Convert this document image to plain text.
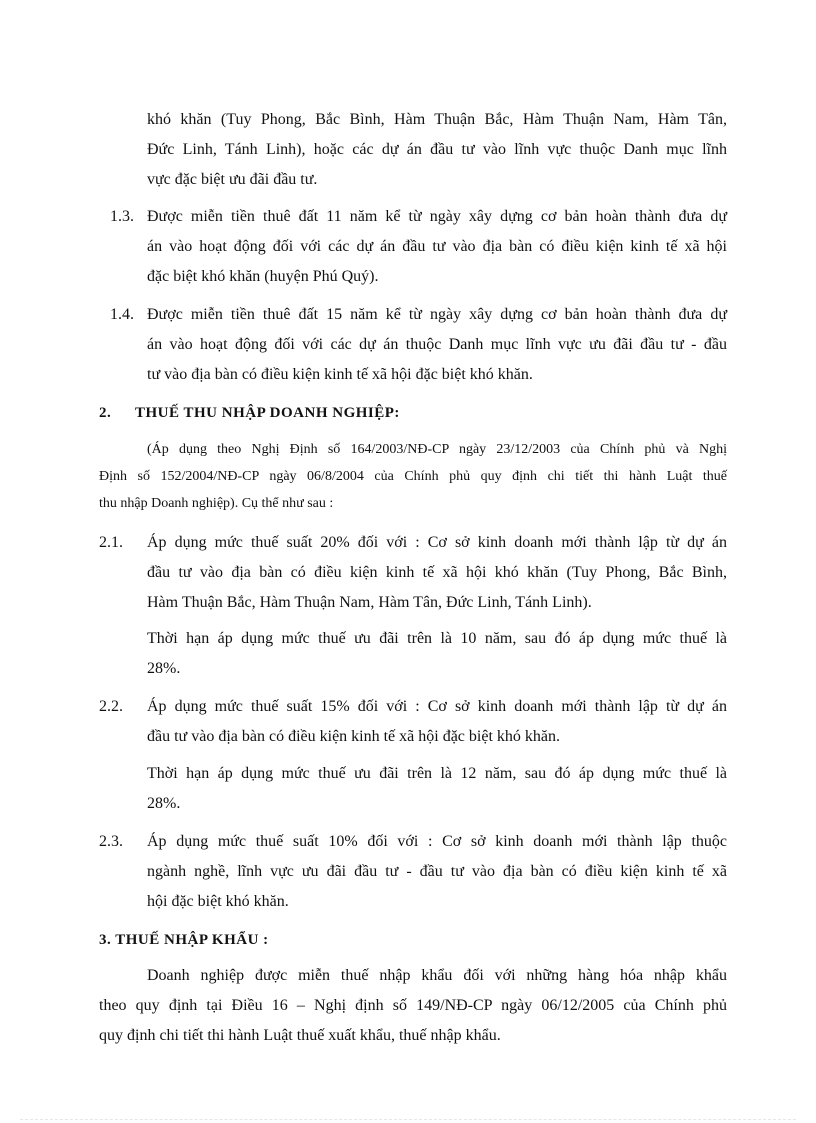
khó khăn (Tuy Phong, Bắc Bình, Hàm Thuận Bắc, Hàm Thuận Nam, Hàm Tân,
Đức Linh, Tánh Linh), hoặc các dự án đầu tư vào lĩnh vực thuộc Danh mục lĩnh
vực đặc biệt ưu đãi đầu tư.
1.3. Được miễn tiền thuê đất 11 năm kể từ ngày xây dựng cơ bản hoàn thành đưa dự
án vào hoạt động đối với các dự án đầu tư vào địa bàn có điều kiện kinh tế xã hội
đặc biệt khó khăn (huyện Phú Quý).
1.4. Được miễn tiền thuê đất 15 năm kể từ ngày xây dựng cơ bản hoàn thành đưa dự
án vào hoạt động đối với các dự án thuộc Danh mục lĩnh vực ưu đãi đầu tư - đầu
tư vào địa bàn có điều kiện kinh tế xã hội đặc biệt khó khăn.
2. THUẾ THU NHẬP DOANH NGHIỆP:
(Áp dụng theo Nghị Định số 164/2003/NĐ-CP ngày 23/12/2003 của Chính phủ và Nghị
Định số 152/2004/NĐ-CP ngày 06/8/2004 của Chính phủ quy định chi tiết thi hành Luật thuế
thu nhập Doanh nghiệp). Cụ thể như sau :
2.1. Áp dụng mức thuế suất 20% đối với : Cơ sở kinh doanh mới thành lập từ dự án
đầu tư vào địa bàn có điều kiện kinh tế xã hội khó khăn (Tuy Phong, Bắc Bình,
Hàm Thuận Bắc, Hàm Thuận Nam, Hàm Tân, Đức Linh, Tánh Linh).
Thời hạn áp dụng mức thuế ưu đãi trên là 10 năm, sau đó áp dụng mức thuế là
28%.
2.2. Áp dụng mức thuế suất 15% đối với : Cơ sở kinh doanh mới thành lập từ dự án
đầu tư vào địa bàn có điều kiện kinh tế xã hội đặc biệt khó khăn.
Thời hạn áp dụng mức thuế ưu đãi trên là 12 năm, sau đó áp dụng mức thuế là
28%.
2.3. Áp dụng mức thuế suất 10% đối với : Cơ sở kinh doanh mới thành lập thuộc
ngành nghề, lĩnh vực ưu đãi đầu tư - đầu tư vào địa bàn có điều kiện kinh tế xã
hội đặc biệt khó khăn.
3. THUẾ NHẬP KHẨU :
Doanh nghiệp được miễn thuế nhập khẩu đối với những hàng hóa nhập khẩu
theo quy định tại Điều 16 – Nghị định số 149/NĐ-CP ngày 06/12/2005 của Chính phủ
quy định chi tiết thi hành Luật thuế xuất khẩu, thuế nhập khẩu.
